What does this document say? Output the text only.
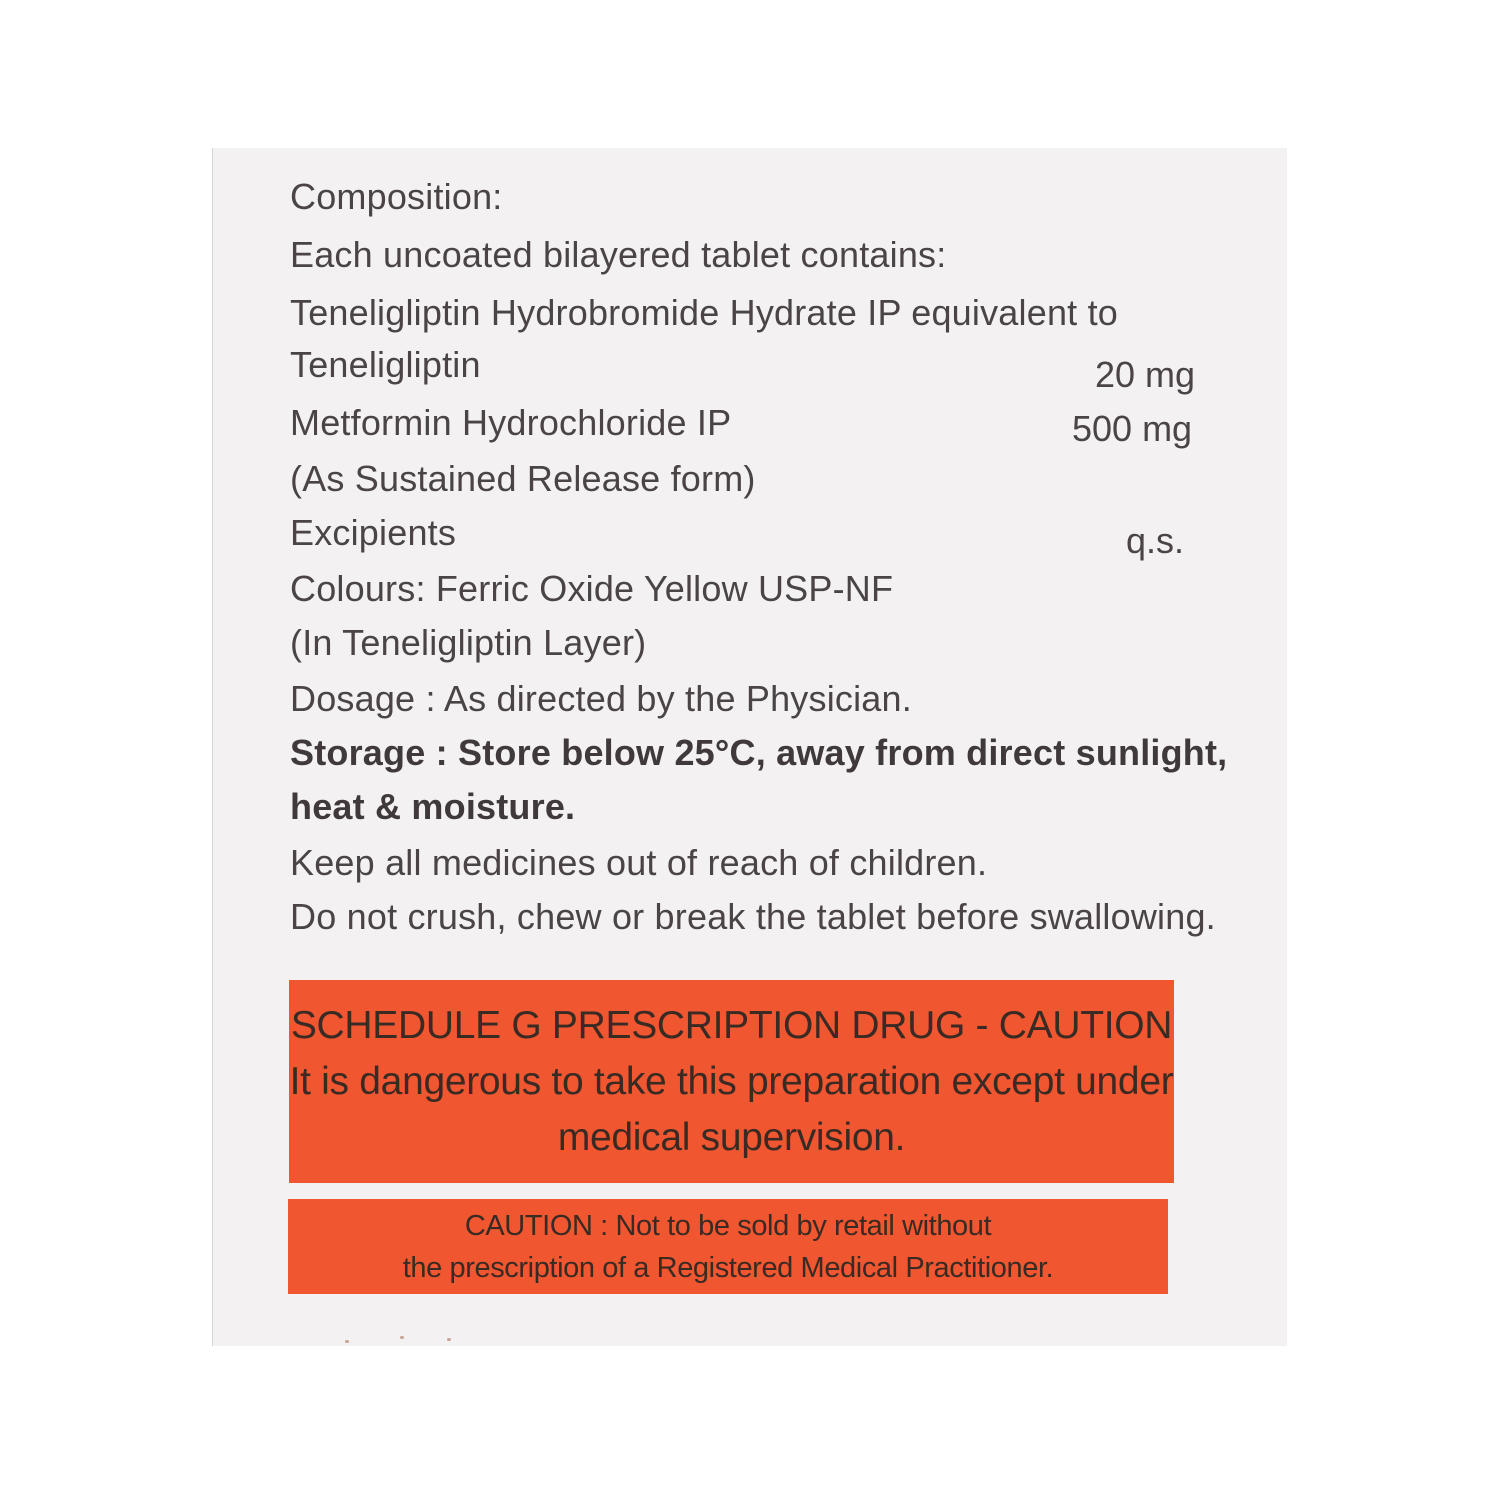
Composition:
Each uncoated bilayered tablet contains:
Teneligliptin Hydrobromide Hydrate IP equivalent to
Teneligliptin	20 mg
Metformin Hydrochloride IP	500 mg
(As Sustained Release form)
Excipients	q.s.
Colours: Ferric Oxide Yellow USP-NF
(In Teneligliptin Layer)
Dosage : As directed by the Physician.
Storage : Store below 25°C, away from direct sunlight,
heat & moisture.
Keep all medicines out of reach of children.
Do not crush, chew or break the tablet before swallowing.
SCHEDULE G PRESCRIPTION DRUG - CAUTION
It is dangerous to take this preparation except under
medical supervision.
CAUTION : Not to be sold by retail without
the prescription of a Registered Medical Practitioner.
